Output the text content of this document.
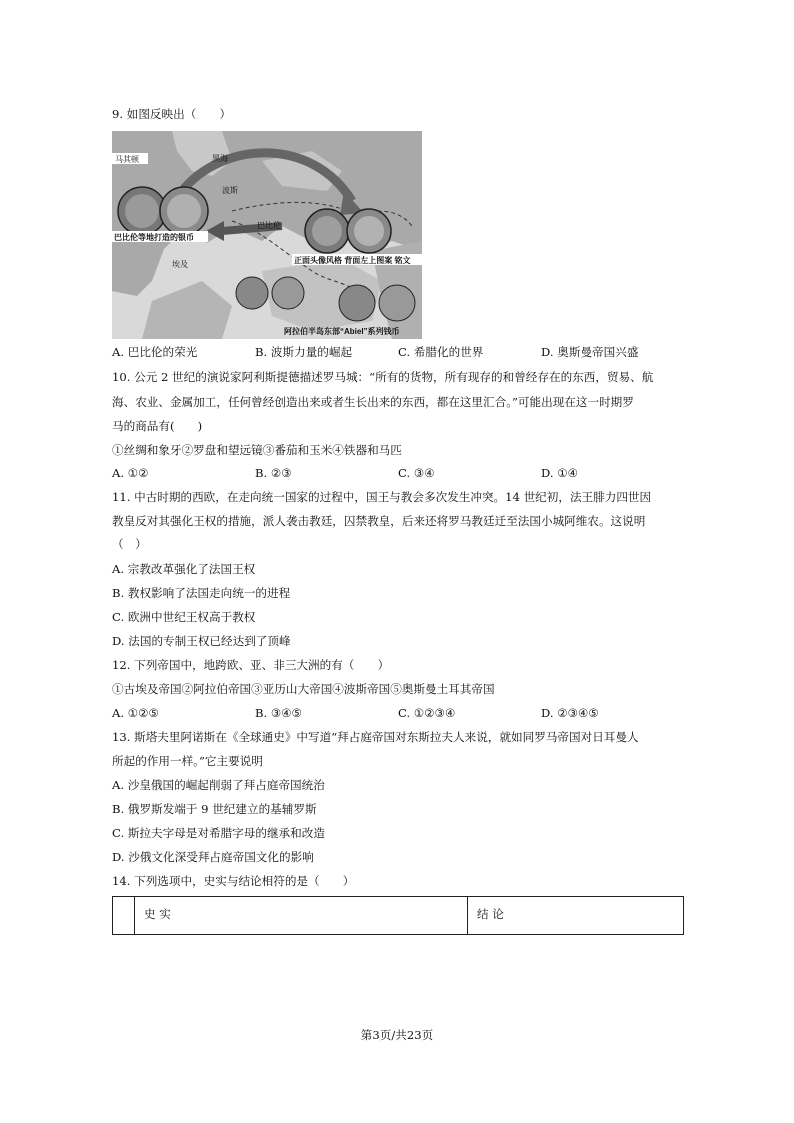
9. 如图反映出（　　）
马其顿	黑海
波斯
巴比伦
埃及
巴比伦等地打造的银币
正面头像风格 背面左上图案 铭文
阿拉伯半岛东部“Abiel”系列钱币
A. 巴比伦的荣光	B. 波斯力量的崛起	C. 希腊化的世界	D. 奥斯曼帝国兴盛
10. 公元 2 世纪的演说家阿利斯提德描述罗马城：“所有的货物，所有现存的和曾经存在的东西，贸易、航
海、农业、金属加工，任何曾经创造出来或者生长出来的东西，都在这里汇合。”可能出现在这一时期罗
马的商品有(　　)
①丝绸和象牙②罗盘和望远镜③番茄和玉米④铁器和马匹
A. ①②	B. ②③	C. ③④	D. ①④
11. 中古时期的西欧，在走向统一国家的过程中，国王与教会多次发生冲突。14 世纪初，法王腓力四世因
教皇反对其强化王权的措施，派人袭击教廷，囚禁教皇，后来还将罗马教廷迁至法国小城阿维农。这说明
（　）
A. 宗教改革强化了法国王权
B. 教权影响了法国走向统一的进程
C. 欧洲中世纪王权高于教权
D. 法国的专制王权已经达到了顶峰
12. 下列帝国中，地跨欧、亚、非三大洲的有（　　）
①古埃及帝国②阿拉伯帝国③亚历山大帝国④波斯帝国⑤奥斯曼土耳其帝国
A. ①②⑤	B. ③④⑤	C. ①②③④	D. ②③④⑤
13. 斯塔夫里阿诺斯在《全球通史》中写道“拜占庭帝国对东斯拉夫人来说，就如同罗马帝国对日耳曼人
所起的作用一样。”它主要说明
A. 沙皇俄国的崛起削弱了拜占庭帝国统治
B. 俄罗斯发端于 9 世纪建立的基辅罗斯
C. 斯拉夫字母是对希腊字母的继承和改造
D. 沙俄文化深受拜占庭帝国文化的影响
14. 下列选项中，史实与结论相符的是（　　）
史 实	结 论
第3页/共23页
